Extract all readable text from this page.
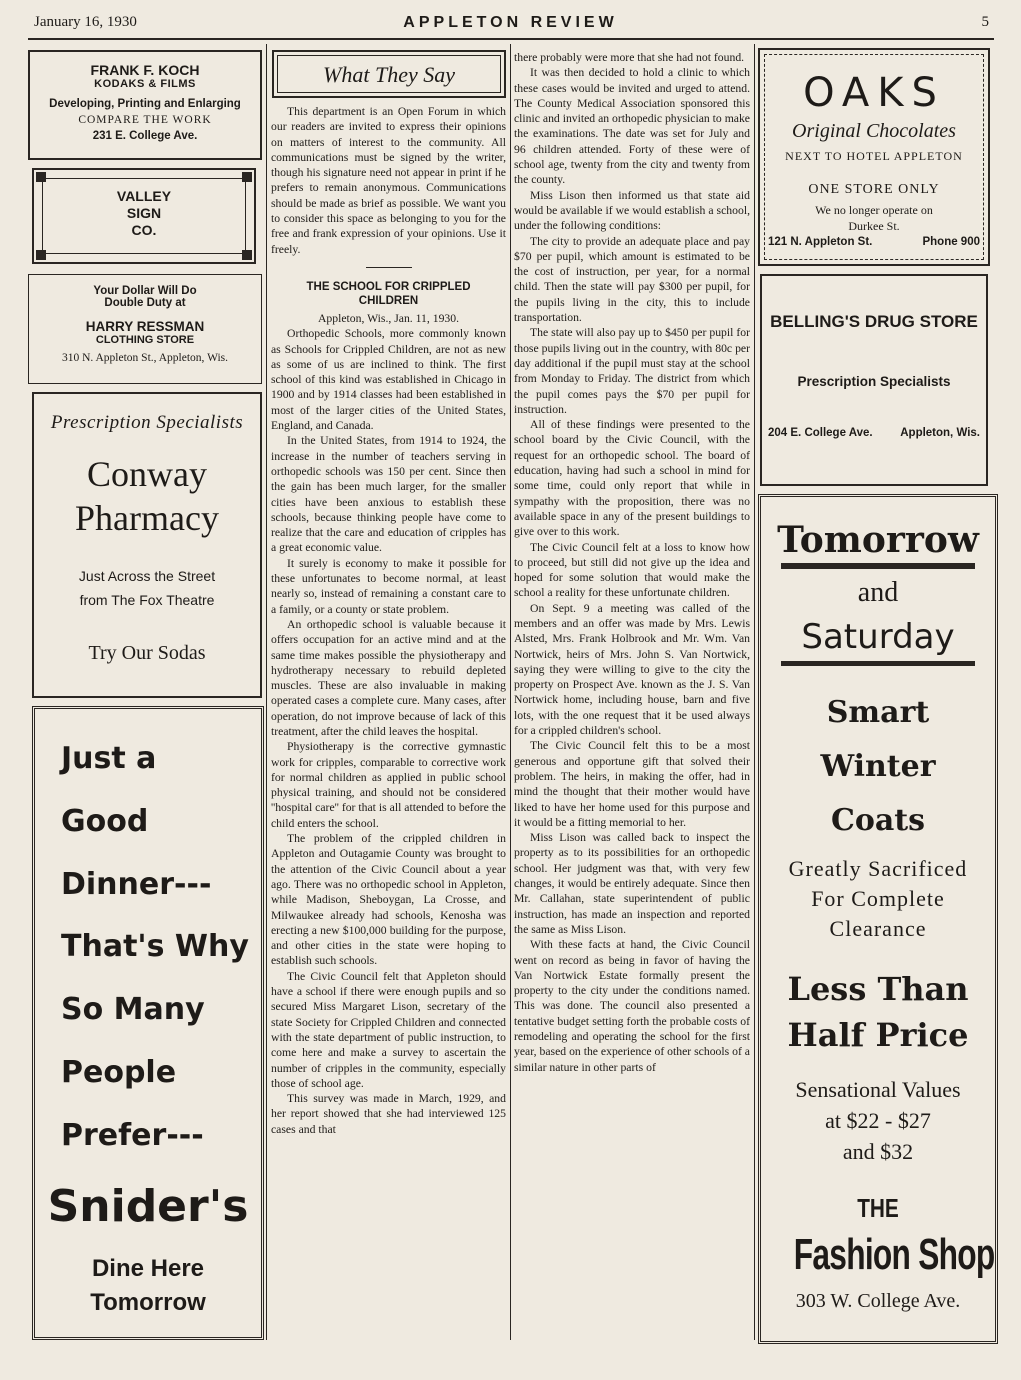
January 16, 1930	APPLETON REVIEW	5
FRANK F. KOCH
KODAKS & FILMS
Developing, Printing and Enlarging
COMPARE THE WORK
231 E. College Ave.
VALLEY
SIGN
CO.
Your Dollar Will Do
Double Duty at
HARRY RESSMAN
CLOTHING STORE
310 N. Appleton St., Appleton, Wis.
Prescription Specialists
Conway
Pharmacy
Just Across the Street
from The Fox Theatre
Try Our Sodas
Just a
Good
Dinner---
That's Why
So Many
People
Prefer---
Snider's
Dine Here
Tomorrow
What They Say

This department is an Open Forum in which our readers are invited to express their opinions on matters of interest to the community. All communications must be signed by the writer, though his signature need not appear in print if he prefers to remain anonymous. Communications should be made as brief as possible. We want you to consider this space as belonging to you for the free and frank expression of your opinions. Use it freely.

THE SCHOOL FOR CRIPPLED CHILDREN

Appleton, Wis., Jan. 11, 1930.

Orthopedic Schools, more commonly known as Schools for Crippled Children, are not as new as some of us are inclined to think. The first school of this kind was established in Chicago in 1900 and by 1914 classes had been established in most of the larger cities of the United States, England, and Canada.

In the United States, from 1914 to 1924, the increase in the number of teachers serving in orthopedic schools was 150 per cent. Since then the gain has been much larger, for the smaller cities have been anxious to establish these schools, because thinking people have come to realize that the care and education of cripples has a great economic value.

It surely is economy to make it possible for these unfortunates to become normal, at least nearly so, instead of remaining a constant care to a family, or a county or state problem.

An orthopedic school is valuable because it offers occupation for an active mind and at the same time makes possible the physiotherapy and hydrotherapy necessary to rebuild depleted muscles. These are also invaluable in making operated cases a complete cure. Many cases, after operation, do not improve because of lack of this treatment, after the child leaves the hospital.

Physiotherapy is the corrective gymnastic work for cripples, comparable to corrective work for normal children as applied in public school physical training, and should not be considered ''hospital care'' for that is all attended to before the child enters the school.

The problem of the crippled children in Appleton and Outagamie County was brought to the attention of the Civic Council about a year ago. There was no orthopedic school in Appleton, while Madison, Sheboygan, La Crosse, and Milwaukee already had schools, Kenosha was erecting a new $100,000 building for the purpose, and other cities in the state were hoping to establish such schools.

The Civic Council felt that Appleton should have a school if there were enough pupils and so secured Miss Margaret Lison, secretary of the state Society for Crippled Children and connected with the state department of public instruction, to come here and make a survey to ascertain the number of cripples in the community, especially those of school age.

This survey was made in March, 1929, and her report showed that she had interviewed 125 cases and that

there probably were more that she had not found.

It was then decided to hold a clinic to which these cases would be invited and urged to attend. The County Medical Association sponsored this clinic and invited an orthopedic physician to make the examinations. The date was set for July and 96 children attended. Forty of these were of school age, twenty from the city and twenty from the county.

Miss Lison then informed us that state aid would be available if we would establish a school, under the following conditions:

The city to provide an adequate place and pay $70 per pupil, which amount is estimated to be the cost of instruction, per year, for a normal child. Then the state will pay $300 per pupil, for the pupils living in the city, this to include transportation.

The state will also pay up to $450 per pupil for those pupils living out in the country, with 80c per day additional if the pupil must stay at the school from Monday to Friday. The district from which the pupil comes pays the $70 per pupil for instruction.

All of these findings were presented to the school board by the Civic Council, with the request for an orthopedic school. The board of education, having had such a school in mind for some time, could only report that while in sympathy with the proposition, there was no available space in any of the present buildings to give over to this work.

The Civic Council felt at a loss to know how to proceed, but still did not give up the idea and hoped for some solution that would make the school a reality for these unfortunate children.

On Sept. 9 a meeting was called of the members and an offer was made by Mrs. Lewis Alsted, Mrs. Frank Holbrook and Mr. Wm. Van Nortwick, heirs of Mrs. John S. Van Nortwick, saying they were willing to give to the city the property on Prospect Ave. known as the J. S. Van Nortwick home, including house, barn and five lots, with the one request that it be used always for a crippled children's school.

The Civic Council felt this to be a most generous and opportune gift that solved their problem. The heirs, in making the offer, had in mind the thought that their mother would have liked to have her home used for this purpose and it would be a fitting memorial to her.

Miss Lison was called back to inspect the property as to its possibilities for an orthopedic school. Her judgment was that, with very few changes, it would be entirely adequate. Since then Mr. Callahan, state superintendent of public instruction, has made an inspection and reported the same as Miss Lison.

With these facts at hand, the Civic Council went on record as being in favor of having the Van Nortwick Estate formally present the property to the city under the conditions named. This was done. The council also presented a tentative budget setting forth the probable costs of remodeling and operating the school for the first year, based on the experience of other schools of a similar nature in other parts of

OAKS
Original Chocolates
NEXT TO HOTEL APPLETON
ONE STORE ONLY
We no longer operate on
Durkee St.
121 N. Appleton St.	Phone 900
BELLING'S DRUG STORE
Prescription Specialists
204 E. College Ave. Appleton, Wis.
Tomorrow
and
Saturday
Smart
Winter
Coats
Greatly Sacrificed
For Complete
Clearance
Less Than
Half Price
Sensational Values
at $22 - $27
and $32
THE
Fashion Shop
303 W. College Ave.
